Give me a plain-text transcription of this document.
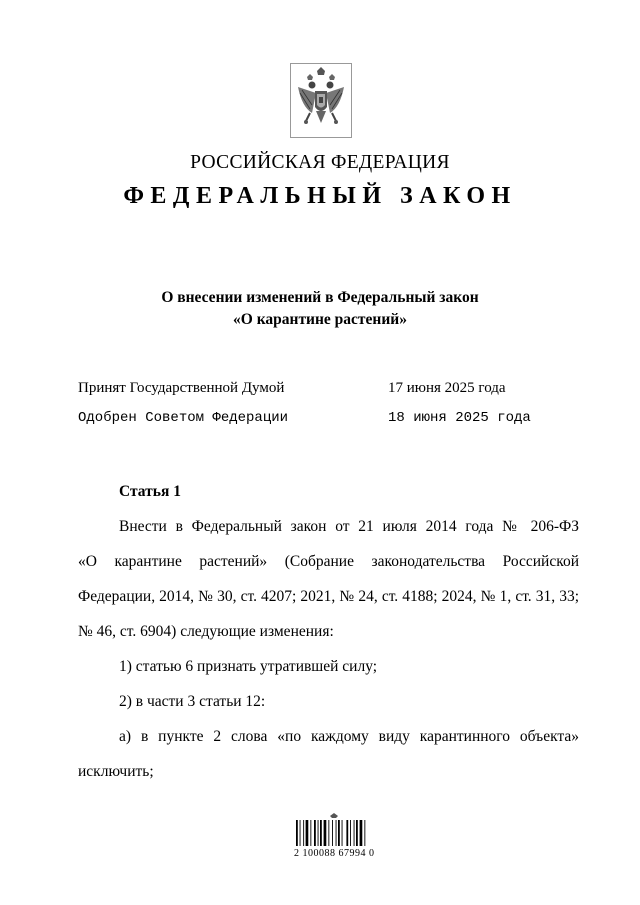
РОССИЙСКАЯ ФЕДЕРАЦИЯ
ФЕДЕРАЛЬНЫЙ ЗАКОН
О внесении изменений в Федеральный закон
«О карантине растений»
Принят Государственной Думой	17 июня 2025 года
Одобрен Советом Федерации	18 июня 2025 года
Статья 1
Внести в Федеральный закон от 21 июля 2014 года № 206-ФЗ
«О карантине растений» (Собрание законодательства Российской
Федерации, 2014, № 30, ст. 4207; 2021, № 24, ст. 4188; 2024, № 1, ст. 31, 33;
№ 46, ст. 6904) следующие изменения:
1) статью 6 признать утратившей силу;
2) в части 3 статьи 12:
а) в пункте 2 слова «по каждому виду карантинного объекта»
исключить;
2 100088 67994 0
